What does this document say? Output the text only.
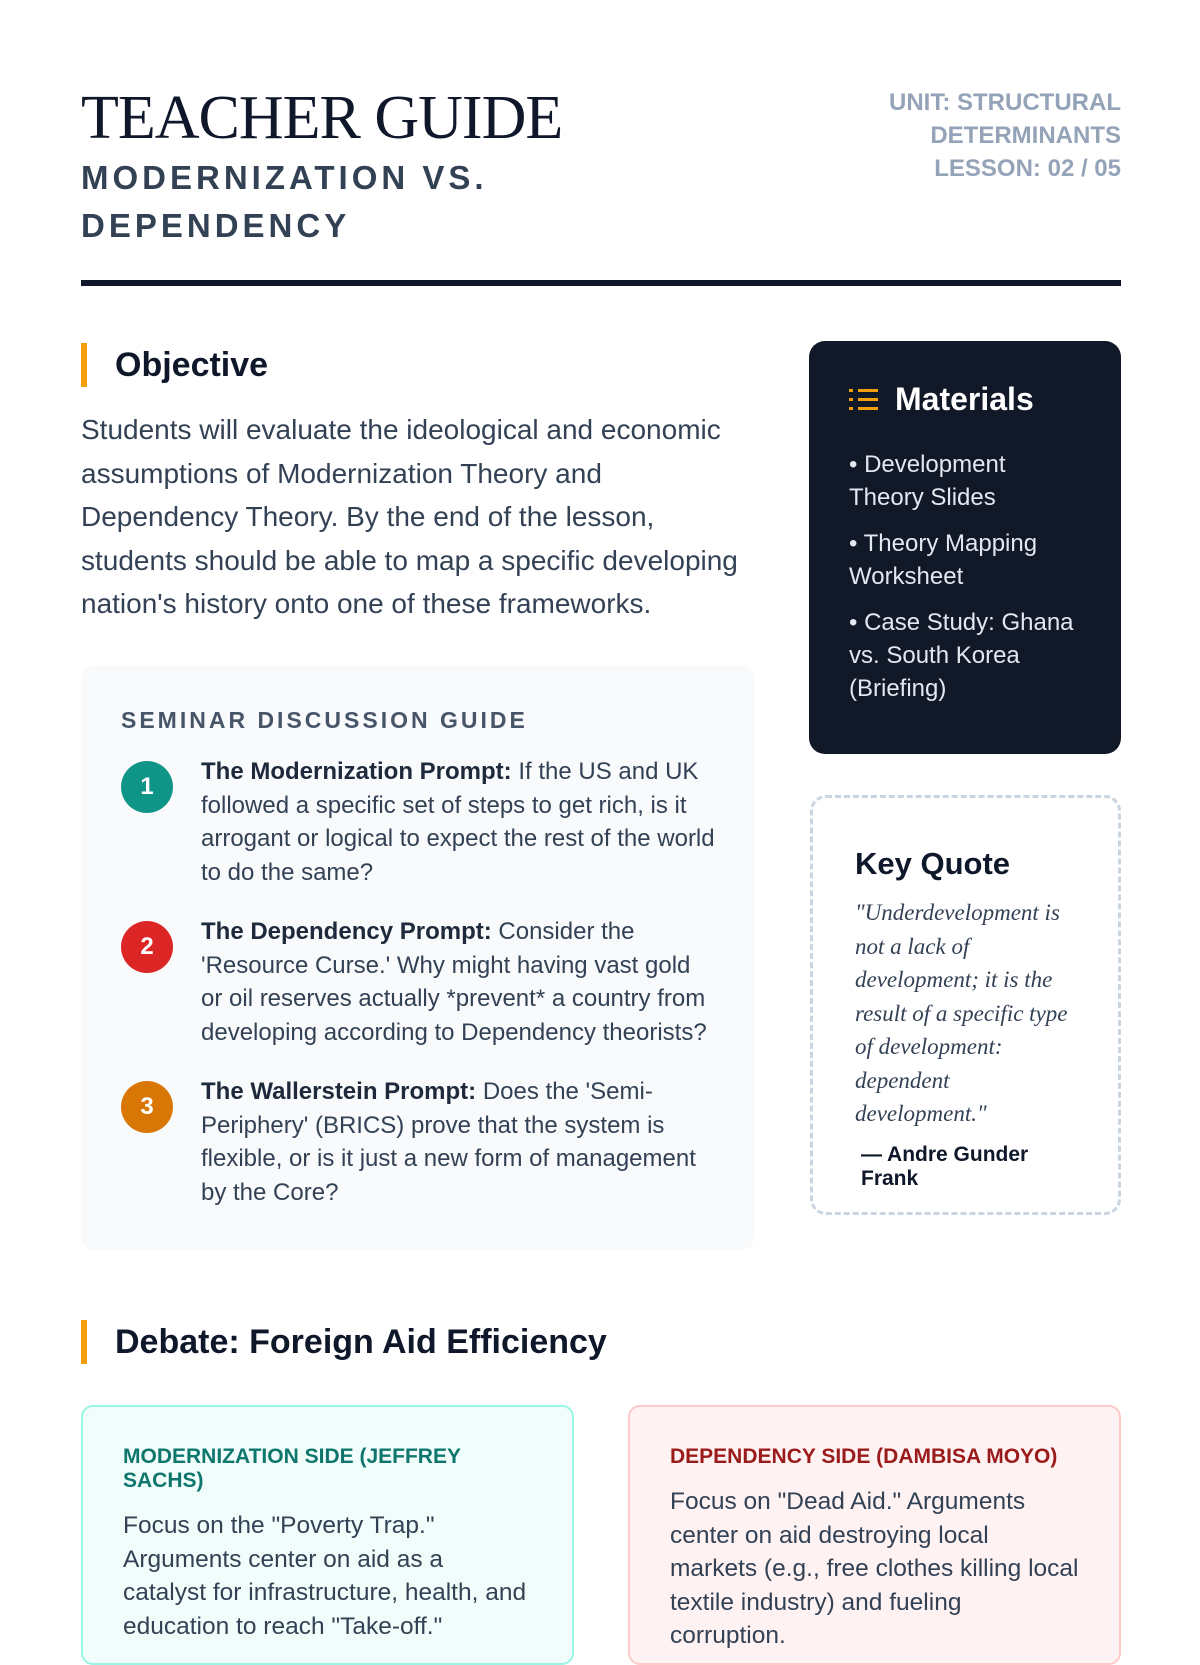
TEACHER GUIDE
MODERNIZATION VS. DEPENDENCY
UNIT: STRUCTURAL
DETERMINANTS
LESSON: 02 / 05
Objective

Students will evaluate the ideological and economic assumptions of Modernization Theory and Dependency Theory. By the end of the lesson, students should be able to map a specific developing nation's history onto one of these frameworks.

SEMINAR DISCUSSION GUIDE
1
The Modernization Prompt: If the US and UK followed a specific set of steps to get rich, is it arrogant or logical to expect the rest of the world to do the same?
2
The Dependency Prompt: Consider the 'Resource Curse.' Why might having vast gold or oil reserves actually *prevent* a country from developing according to Dependency theorists?
3
The Wallerstein Prompt: Does the 'Semi-Periphery' (BRICS) prove that the system is flexible, or is it just a new form of management by the Core?
Materials
• Development Theory Slides
• Theory Mapping Worksheet
• Case Study: Ghana vs. South Korea (Briefing)
Key Quote
"Underdevelopment is not a lack of development; it is the result of a specific type of development: dependent development."
— Andre Gunder Frank
Debate: Foreign Aid Efficiency
MODERNIZATION SIDE (JEFFREY SACHS)
Focus on the "Poverty Trap." Arguments center on aid as a catalyst for infrastructure, health, and education to reach "Take-off."
DEPENDENCY SIDE (DAMBISA MOYO)
Focus on "Dead Aid." Arguments center on aid destroying local markets (e.g., free clothes killing local textile industry) and fueling corruption.
